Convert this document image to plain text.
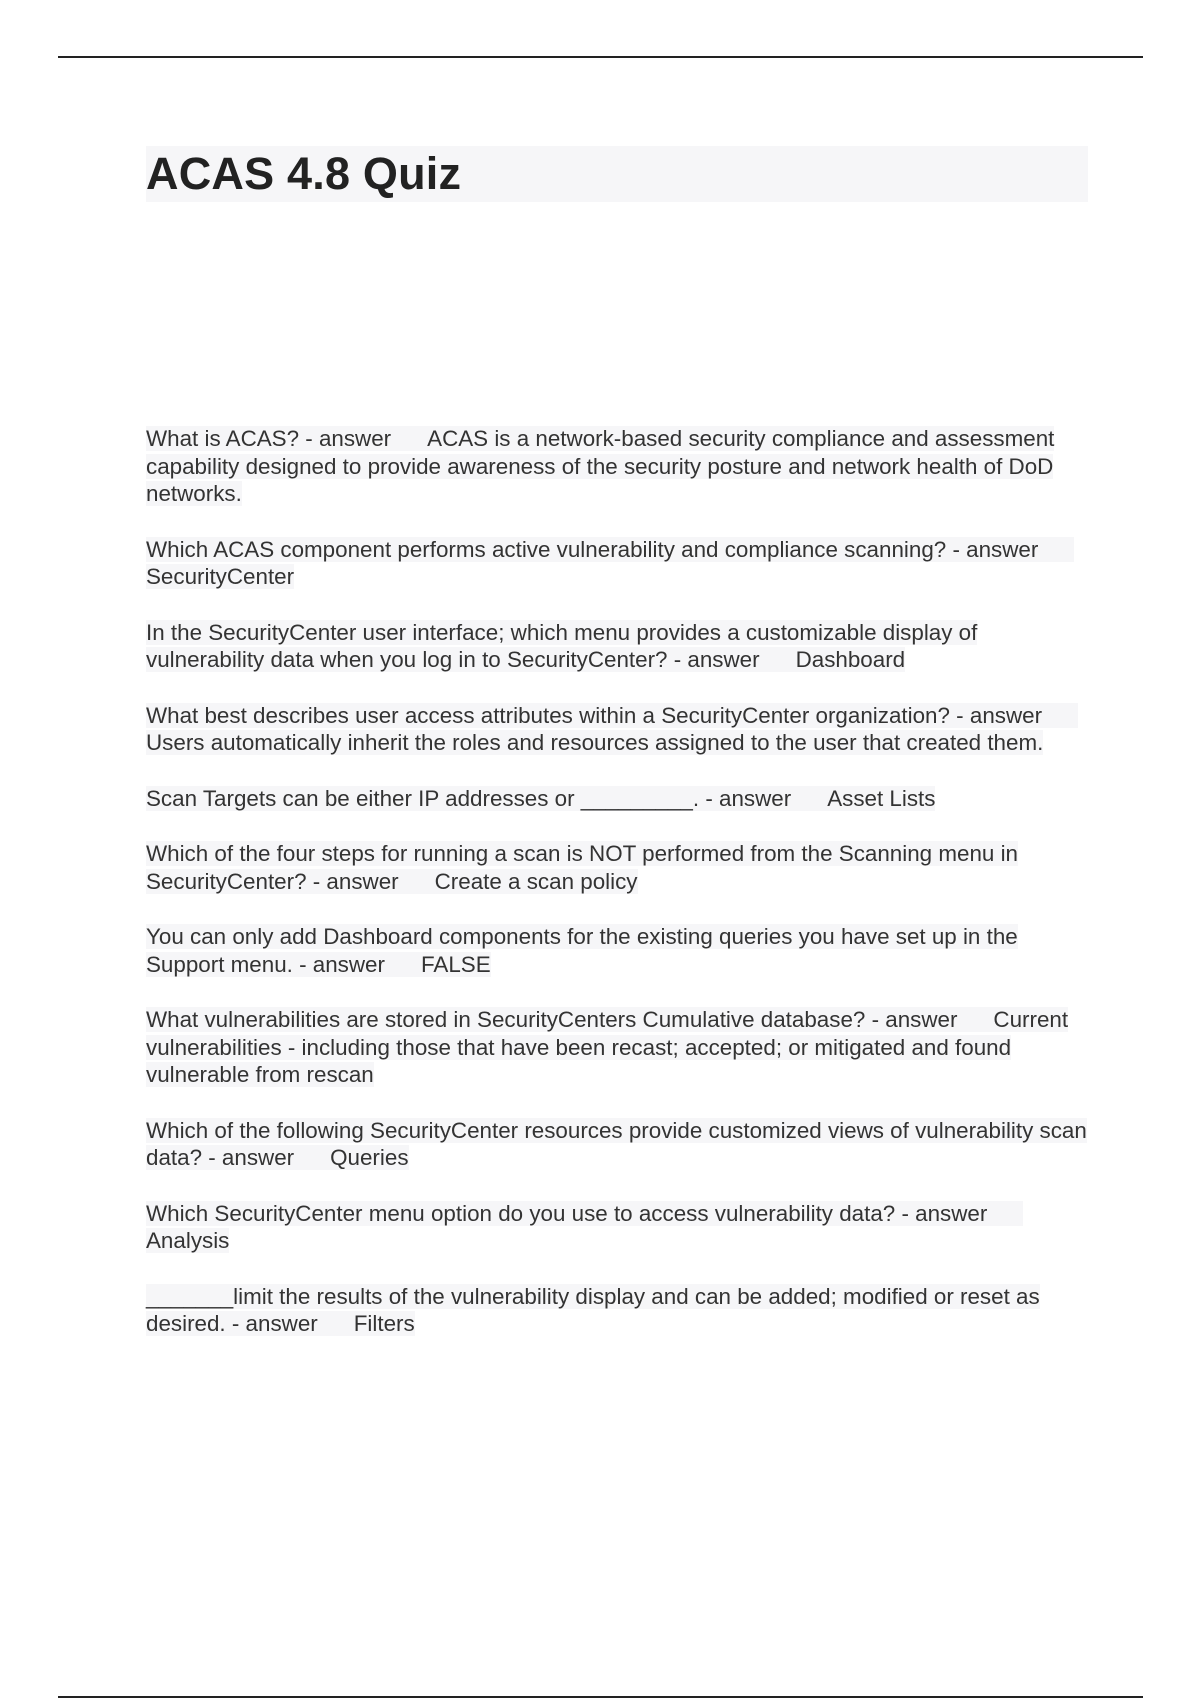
ACAS 4.8 Quiz
What is ACAS? - answer ACAS is a network-based security compliance and assessment capability designed to provide awareness of the security posture and network health of DoD networks.
Which ACAS component performs active vulnerability and compliance scanning? - answerSecurityCenter
In the SecurityCenter user interface; which menu provides a customizable display of vulnerability data when you log in to SecurityCenter? - answer Dashboard
What best describes user access attributes within a SecurityCenter organization? - answerUsers automatically inherit the roles and resources assigned to the user that created them.
Scan Targets can be either IP addresses or _________. - answer Asset Lists
Which of the four steps for running a scan is NOT performed from the Scanning menu in SecurityCenter? - answer Create a scan policy
You can only add Dashboard components for the existing queries you have set up in the Support menu. - answer FALSE
What vulnerabilities are stored in SecurityCenters Cumulative database? - answer Current vulnerabilities - including those that have been recast; accepted; or mitigated and found vulnerable from rescan
Which of the following SecurityCenter resources provide customized views of vulnerability scan data? - answer Queries
Which SecurityCenter menu option do you use to access vulnerability data? - answerAnalysis
_______limit the results of the vulnerability display and can be added; modified or reset as desired. - answer Filters
